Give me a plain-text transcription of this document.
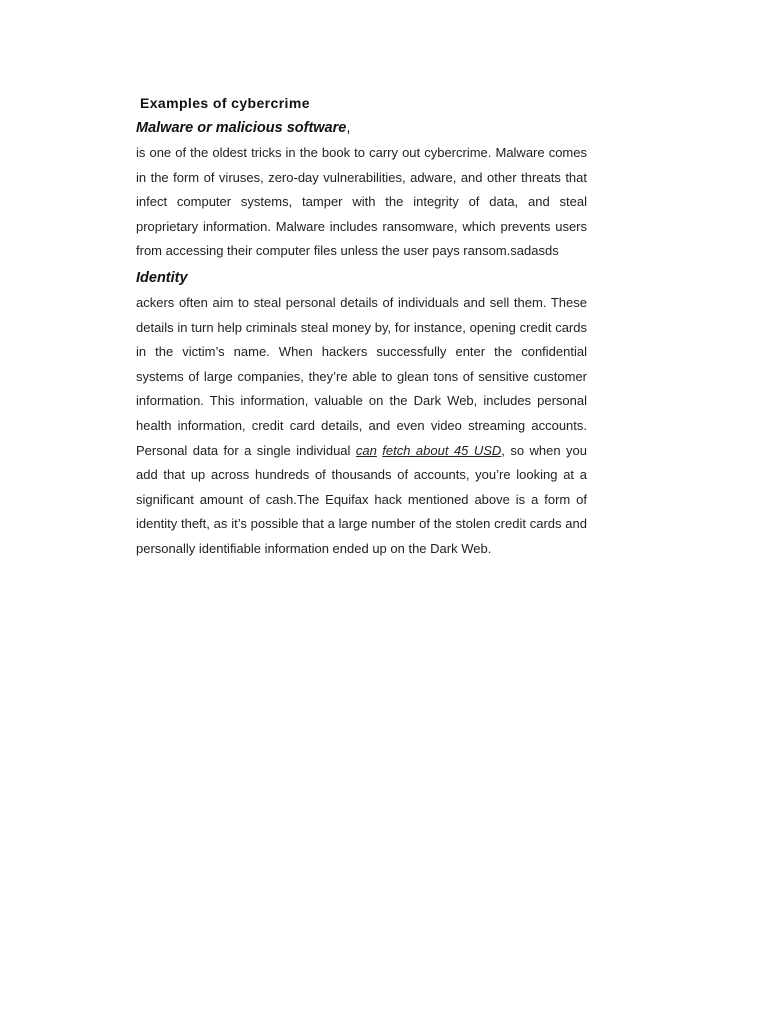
Examples of cybercrime
Malware or malicious software,

is one of the oldest tricks in the book to carry out cybercrime. Malware comes in the form of viruses, zero-day vulnerabilities, adware, and other threats that infect computer systems, tamper with the integrity of data, and steal proprietary information. Malware includes ransomware, which prevents users from accessing their computer files unless the user pays ransom.sadasds

Identity

ackers often aim to steal personal details of individuals and sell them. These details in turn help criminals steal money by, for instance, opening credit cards in the victim’s name. When hackers successfully enter the confidential systems of large companies, they’re able to glean tons of sensitive customer information. This information, valuable on the Dark Web, includes personal health information, credit card details, and even video streaming accounts. Personal data for a single individual can fetch about 45 USD, so when you add that up across hundreds of thousands of accounts, you’re looking at a significant amount of cash.The Equifax hack mentioned above is a form of identity theft, as it’s possible that a large number of the stolen credit cards and personally identifiable information ended up on the Dark Web.
